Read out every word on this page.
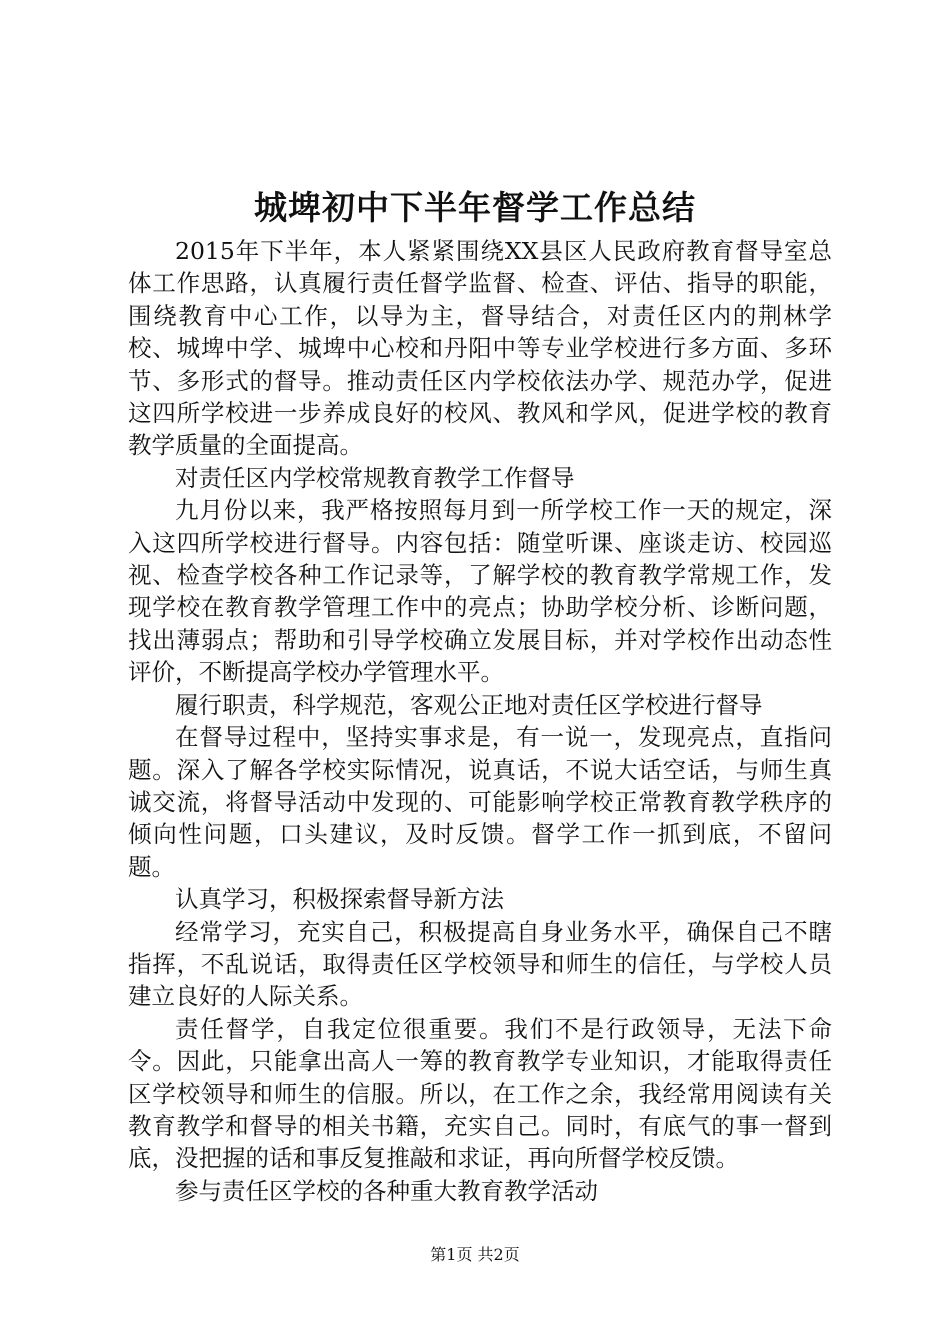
城埤初中下半年督学工作总结

2015年下半年，本人紧紧围绕XX县区人民政府教育督导室总体工作思路，认真履行责任督学监督、检查、评估、指导的职能，围绕教育中心工作，以导为主，督导结合，对责任区内的荆林学校、城埤中学、城埤中心校和丹阳中等专业学校进行多方面、多环节、多形式的督导。推动责任区内学校依法办学、规范办学，促进这四所学校进一步养成良好的校风、教风和学风，促进学校的教育教学质量的全面提高。

对责任区内学校常规教育教学工作督导

九月份以来，我严格按照每月到一所学校工作一天的规定，深入这四所学校进行督导。内容包括：随堂听课、座谈走访、校园巡视、检查学校各种工作记录等，了解学校的教育教学常规工作，发现学校在教育教学管理工作中的亮点；协助学校分析、诊断问题，找出薄弱点；帮助和引导学校确立发展目标，并对学校作出动态性评价，不断提高学校办学管理水平。

履行职责，科学规范，客观公正地对责任区学校进行督导

在督导过程中，坚持实事求是，有一说一，发现亮点，直指问题。深入了解各学校实际情况，说真话，不说大话空话，与师生真诚交流，将督导活动中发现的、可能影响学校正常教育教学秩序的倾向性问题，口头建议，及时反馈。督学工作一抓到底，不留问题。

认真学习，积极探索督导新方法

经常学习，充实自己，积极提高自身业务水平，确保自己不瞎指挥，不乱说话，取得责任区学校领导和师生的信任，与学校人员建立良好的人际关系。

责任督学，自我定位很重要。我们不是行政领导，无法下命令。因此，只能拿出高人一筹的教育教学专业知识，才能取得责任区学校领导和师生的信服。所以，在工作之余，我经常用阅读有关教育教学和督导的相关书籍，充实自己。同时，有底气的事一督到底，没把握的话和事反复推敲和求证，再向所督学校反馈。

参与责任区学校的各种重大教育教学活动

第1页 共2页
